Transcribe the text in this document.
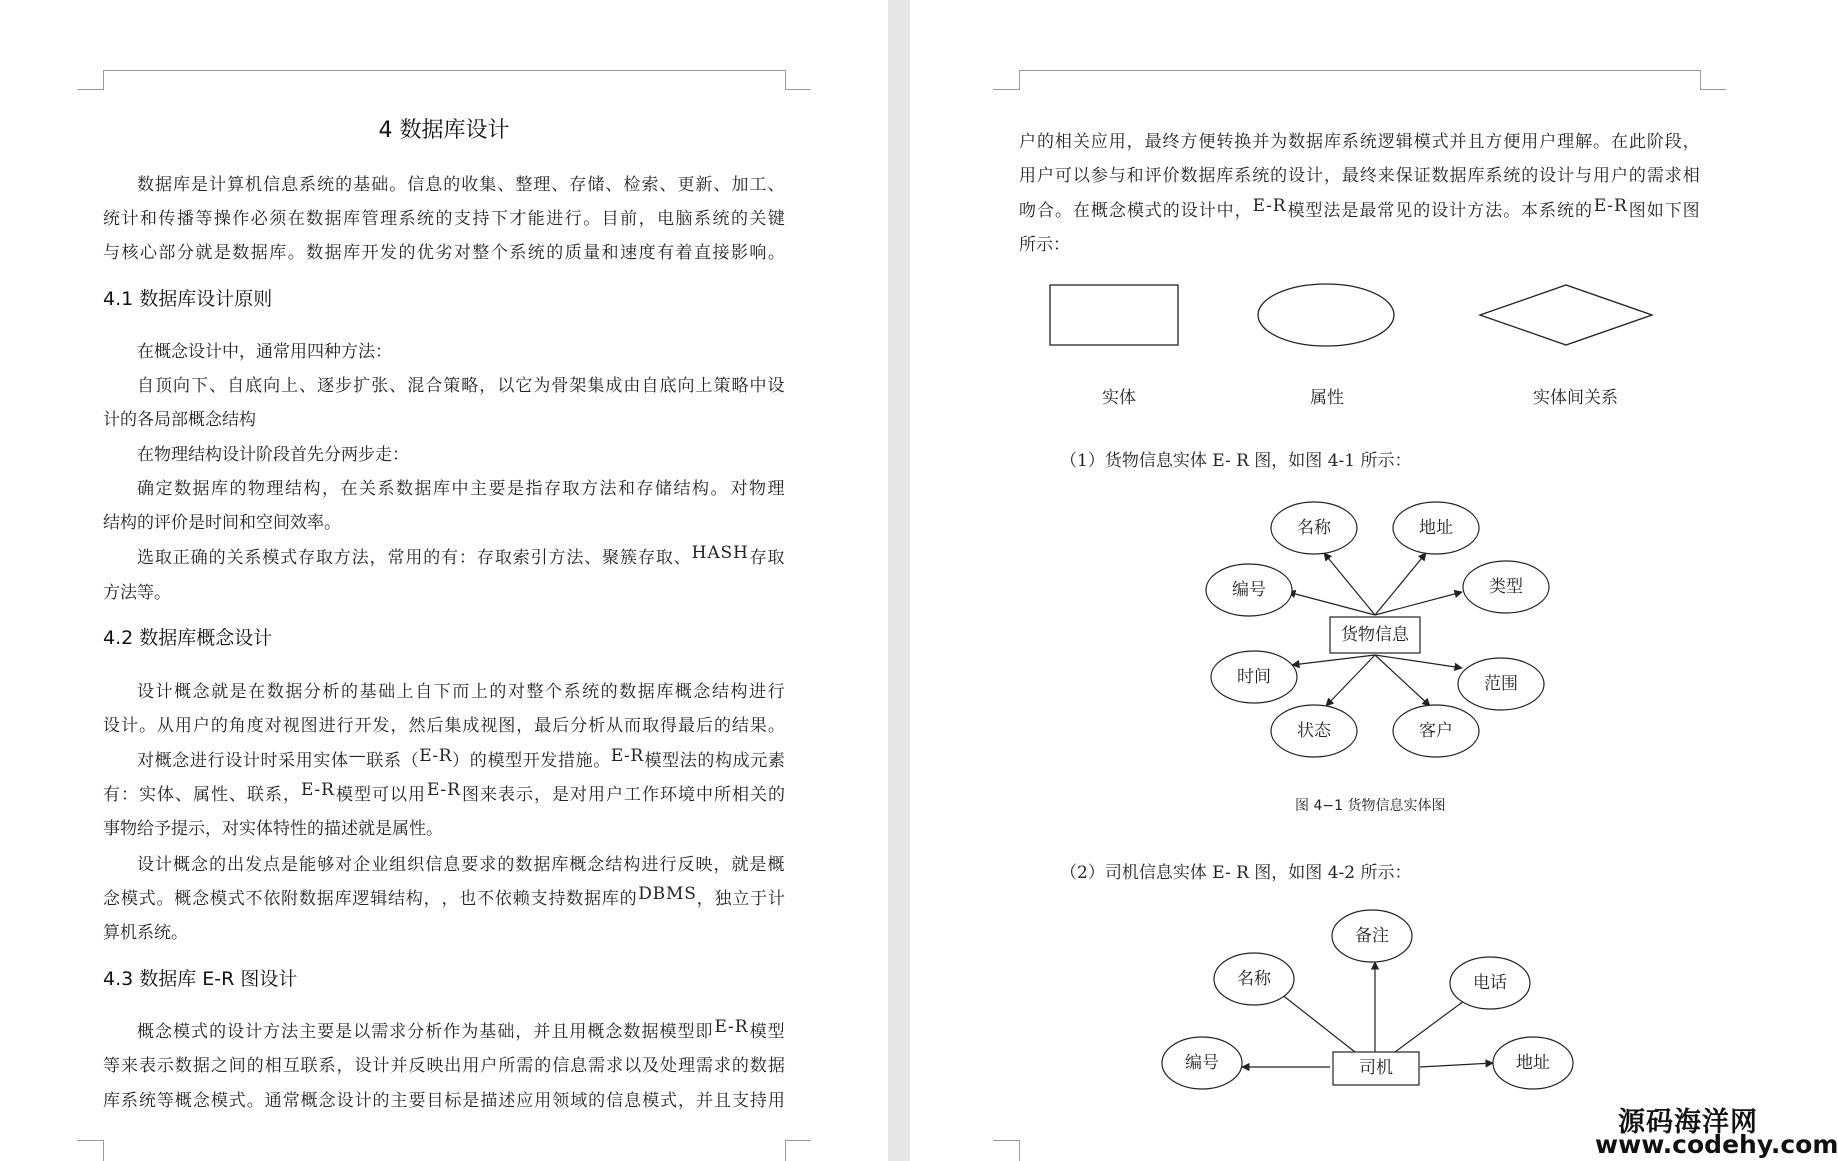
4 数据库设计
数 据 库 是 计 算 机 信 息 系 统 的 基 础 。 信 息 的 收 集 、 整 理 、 存 储 、 检 索 、 更 新 、 加 工 、
统 计 和 传 播 等 操 作 必 须 在 数 据 库 管 理 系 统 的 支 持 下 才 能 进 行 。 目 前 ， 电 脑 系 统 的 关 键
与 核 心 部 分 就 是 数 据 库 。 数 据 库 开 发 的 优 劣 对 整 个 系 统 的 质 量 和 速 度 有 着 直 接 影 响 。
4.1 数据库设计原则
在概念设计中，通常用四种方法：
自 顶 向 下 、 自 底 向 上 、 逐 步 扩 张 、 混 合 策 略 ， 以 它 为 骨 架 集 成 由 自 底 向 上 策 略 中 设
计的各局部概念结构
在物理结构设计阶段首先分两步走：
确 定 数 据 库 的 物 理 结 构 ， 在 关 系 数 据 库 中 主 要 是 指 存 取 方 法 和 存 储 结 构 。 对 物 理
结构的评价是时间和空间效率。
选 取 正 确 的 关 系 模 式 存 取 方 法 ， 常 用 的 有 ： 存 取 索 引 方 法 、 聚 簇 存 取 、 H A S H 存 取
方法等。
4.2 数据库概念设计
设 计 概 念 就 是 在 数 据 分 析 的 基 础 上 自 下 而 上 的 对 整 个 系 统 的 数 据 库 概 念 结 构 进 行
设 计 。 从 用 户 的 角 度 对 视 图 进 行 开 发 ， 然 后 集 成 视 图 ， 最 后 分 析 从 而 取 得 最 后 的 结 果 。
对 概 念 进 行 设 计 时 采 用 实 体 — 联 系 （ E - R ） 的 模 型 开 发 措 施 。 E - R 模 型 法 的 构 成 元 素
有 ： 实 体 、 属 性 、 联 系 ， E - R 模 型 可 以 用 E - R 图 来 表 示 ， 是 对 用 户 工 作 环 境 中 所 相 关 的
事物给予提示，对实体特性的描述就是属性。
设 计 概 念 的 出 发 点 是 能 够 对 企 业 组 织 信 息 要 求 的 数 据 库 概 念 结 构 进 行 反 映 ， 就 是 概
念 模 式 。 概 念 模 式 不 依 附 数 据 库 逻 辑 结 构 ， ， 也 不 依 赖 支 持 数 据 库 的 D B M S ， 独 立 于 计
算机系统。
4.3 数据库 E-R 图设计
概 念 模 式 的 设 计 方 法 主 要 是 以 需 求 分 析 作 为 基 础 ， 并 且 用 概 念 数 据 模 型 即 E - R 模 型
等 来 表 示 数 据 之 间 的 相 互 联 系 ， 设 计 并 反 映 出 用 户 所 需 的 信 息 需 求 以 及 处 理 需 求 的 数 据
库 系 统 等 概 念 模 式 。 通 常 概 念 设 计 的 主 要 目 标 是 描 述 应 用 领 域 的 信 息 模 式 ， 并 且 支 持 用
户 的 相 关 应 用 ， 最 终 方 便 转 换 并 为 数 据 库 系 统 逻 辑 模 式 并 且 方 便 用 户 理 解 。 在 此 阶 段 ，
用 户 可 以 参 与 和 评 价 数 据 库 系 统 的 设 计 ， 最 终 来 保 证 数 据 库 系 统 的 设 计 与 用 户 的 需 求 相
吻 合 。 在 概 念 模 式 的 设 计 中 ， E - R 模 型 法 是 最 常 见 的 设 计 方 法 。 本 系 统 的 E - R 图 如 下 图
所示：
实体	属性	实体间关系
（1）货物信息实体 E- R 图，如图 4-1 所示：
名称	地址
编号	类型
时间	范围
状态	客户
货物信息
图 4−1 货物信息实体图
（2）司机信息实体 E- R 图，如图 4-2 所示：
备注
名称	电话
编号	地址
司机
源码海洋网
www.codehy.com
